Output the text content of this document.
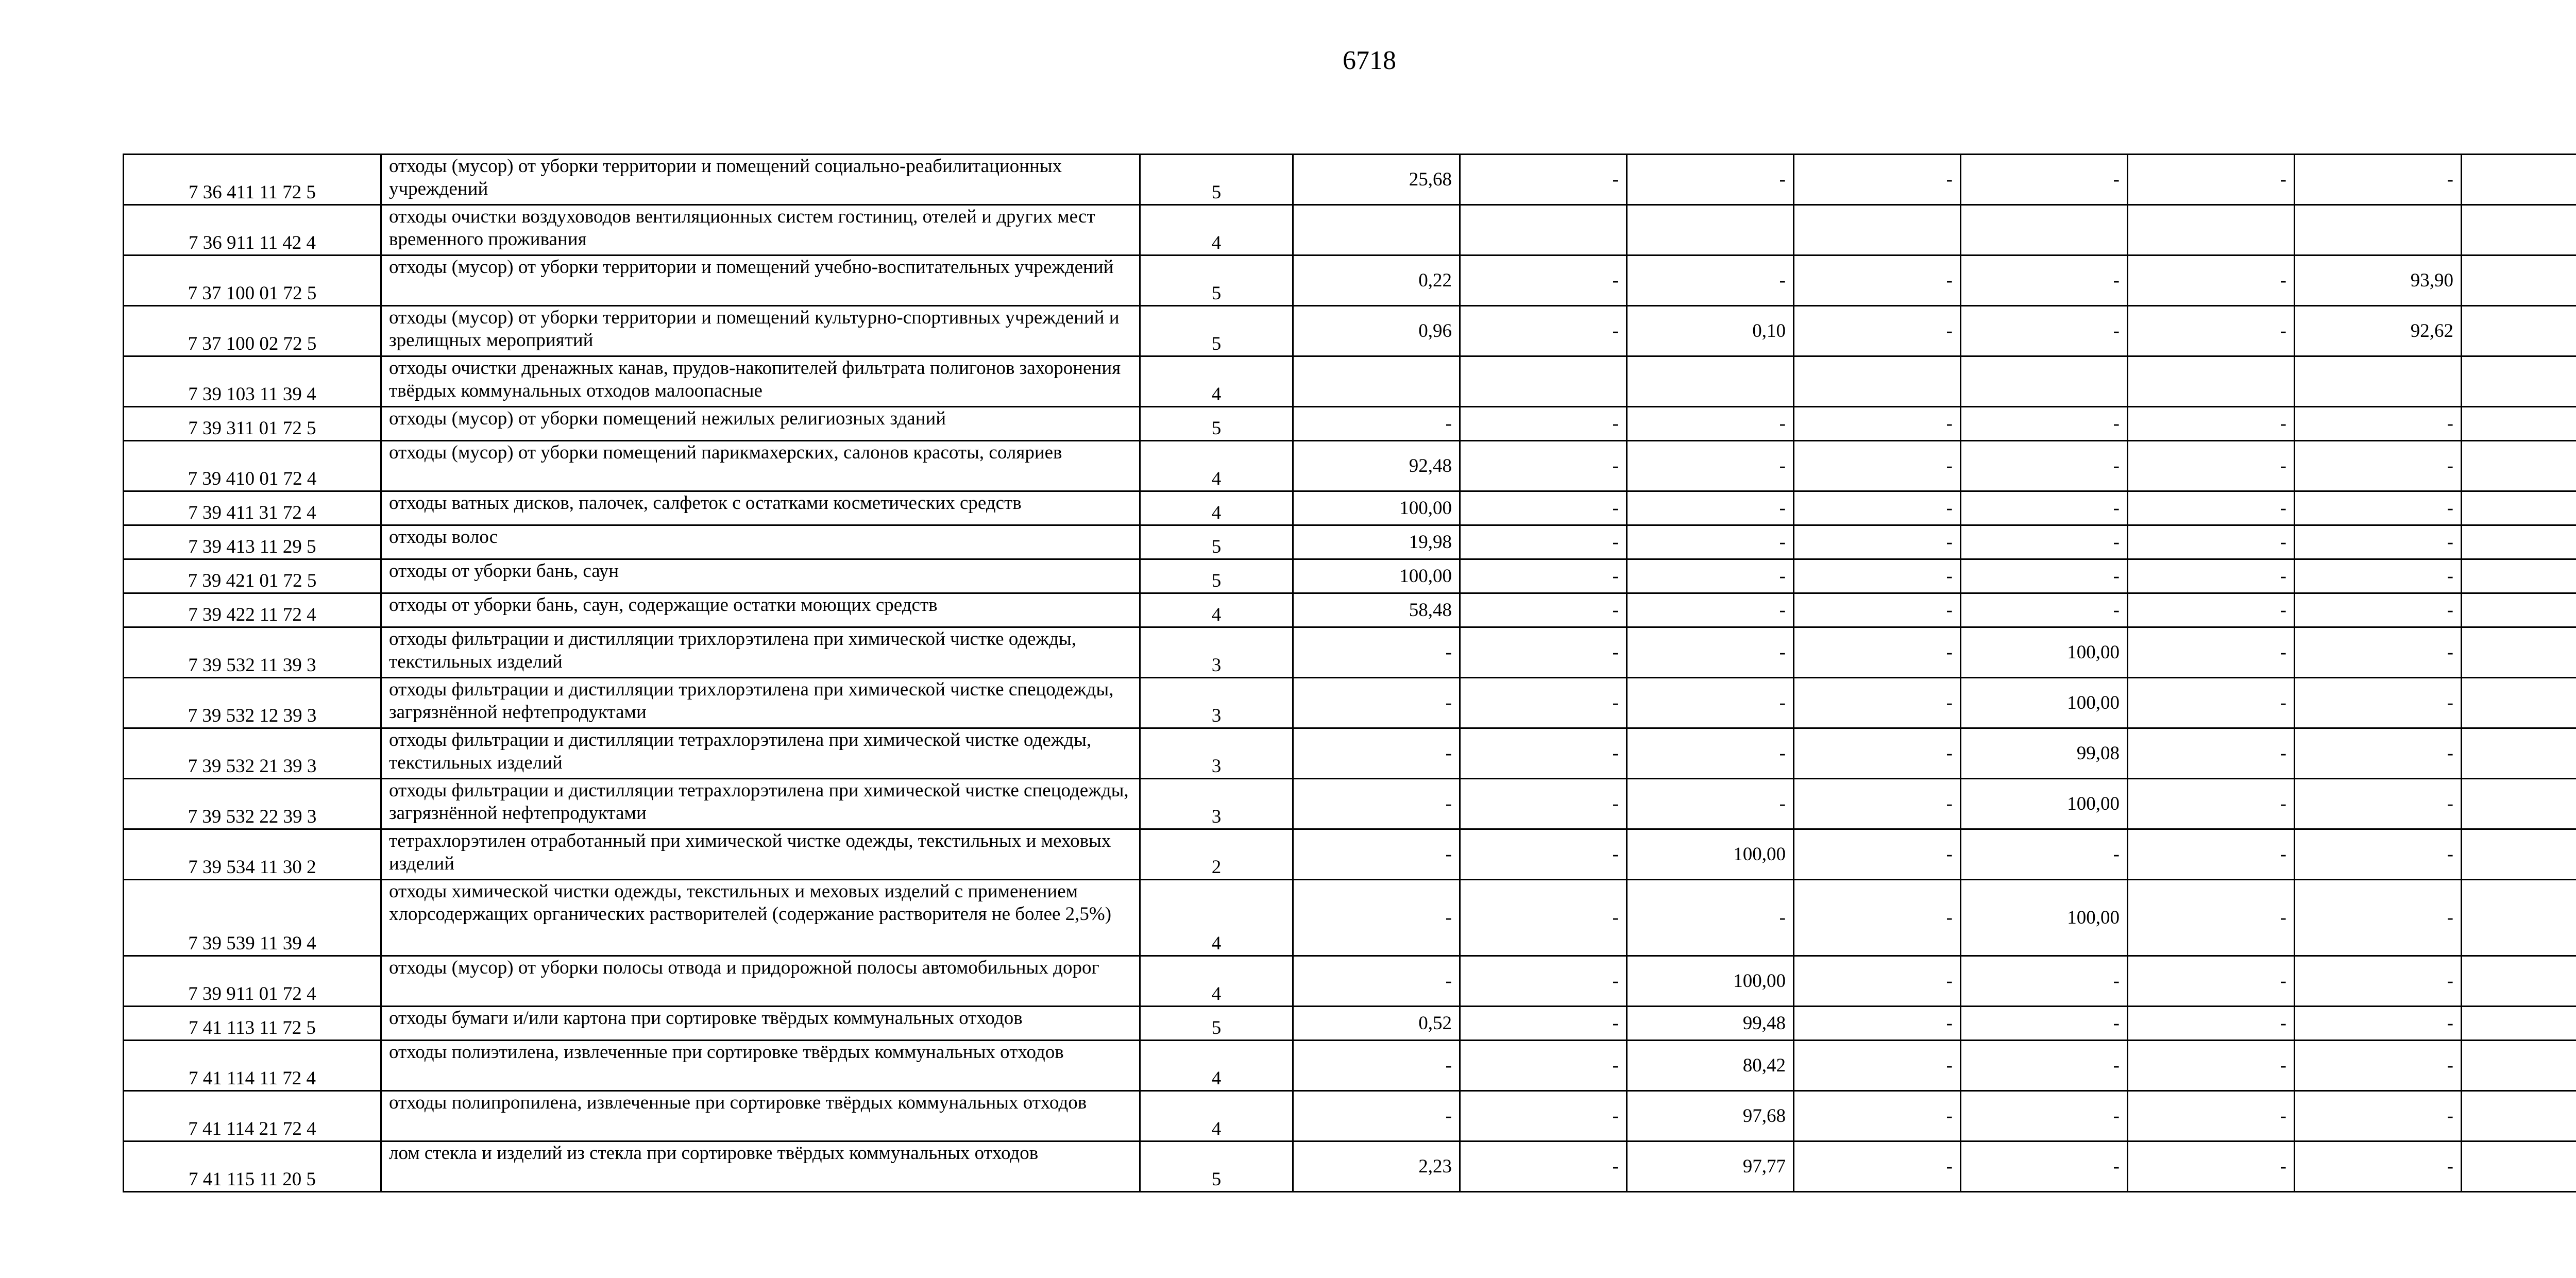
6718
7 36 411 11 72 5	отходы (мусор) от уборки территории и помещений социально-реабилитационных учреждений	5	25,68	-	-	-	-	-	-	
7 36 911 11 42 4	отходы очистки воздуховодов вентиляционных систем гостиниц, отелей и других мест временного проживания	4								
7 37 100 01 72 5	отходы (мусор) от уборки территории и помещений учебно-воспитательных учреждений	5	0,22	-	-	-	-	-	93,90	
7 37 100 02 72 5	отходы (мусор) от уборки территории и помещений культурно-спортивных учреждений и зрелищных мероприятий	5	0,96	-	0,10	-	-	-	92,62	
7 39 103 11 39 4	отходы очистки дренажных канав, прудов-накопителей фильтрата полигонов захоронения твёрдых коммунальных отходов малоопасные	4								
7 39 311 01 72 5	отходы (мусор) от уборки помещений нежилых религиозных зданий	5	-	-	-	-	-	-	-	
7 39 410 01 72 4	отходы (мусор) от уборки помещений парикмахерских, салонов красоты, соляриев	4	92,48	-	-	-	-	-	-	
7 39 411 31 72 4	отходы ватных дисков, палочек, салфеток с остатками косметических средств	4	100,00	-	-	-	-	-	-	
7 39 413 11 29 5	отходы волос	5	19,98	-	-	-	-	-	-	
7 39 421 01 72 5	отходы от уборки бань, саун	5	100,00	-	-	-	-	-	-	
7 39 422 11 72 4	отходы от уборки бань, саун, содержащие остатки моющих средств	4	58,48	-	-	-	-	-	-	
7 39 532 11 39 3	отходы фильтрации и дистилляции трихлорэтилена при химической чистке одежды, текстильных изделий	3	-	-	-	-	100,00	-	-	
7 39 532 12 39 3	отходы фильтрации и дистилляции трихлорэтилена при химической чистке спецодежды, загрязнённой нефтепродуктами	3	-	-	-	-	100,00	-	-	
7 39 532 21 39 3	отходы фильтрации и дистилляции тетрахлорэтилена при химической чистке одежды, текстильных изделий	3	-	-	-	-	99,08	-	-	
7 39 532 22 39 3	отходы фильтрации и дистилляции тетрахлорэтилена при химической чистке спецодежды, загрязнённой нефтепродуктами	3	-	-	-	-	100,00	-	-	
7 39 534 11 30 2	тетрахлорэтилен отработанный при химической чистке одежды, текстильных и меховых изделий	2	-	-	100,00	-	-	-	-	
7 39 539 11 39 4	отходы химической чистки одежды, текстильных и меховых изделий с применением хлорсодержащих органических растворителей (содержание растворителя не более 2,5%)	4	-	-	-	-	100,00	-	-	
7 39 911 01 72 4	отходы (мусор) от уборки полосы отвода и придорожной полосы автомобильных дорог	4	-	-	100,00	-	-	-	-	
7 41 113 11 72 5	отходы бумаги и/или картона при сортировке твёрдых коммунальных отходов	5	0,52	-	99,48	-	-	-	-	
7 41 114 11 72 4	отходы полиэтилена, извлеченные при сортировке твёрдых коммунальных отходов	4	-	-	80,42	-	-	-	-	
7 41 114 21 72 4	отходы полипропилена, извлеченные при сортировке твёрдых коммунальных отходов	4	-	-	97,68	-	-	-	-	
7 41 115 11 20 5	лом стекла и изделий из стекла при сортировке твёрдых коммунальных отходов	5	2,23	-	97,77	-	-	-	-	
